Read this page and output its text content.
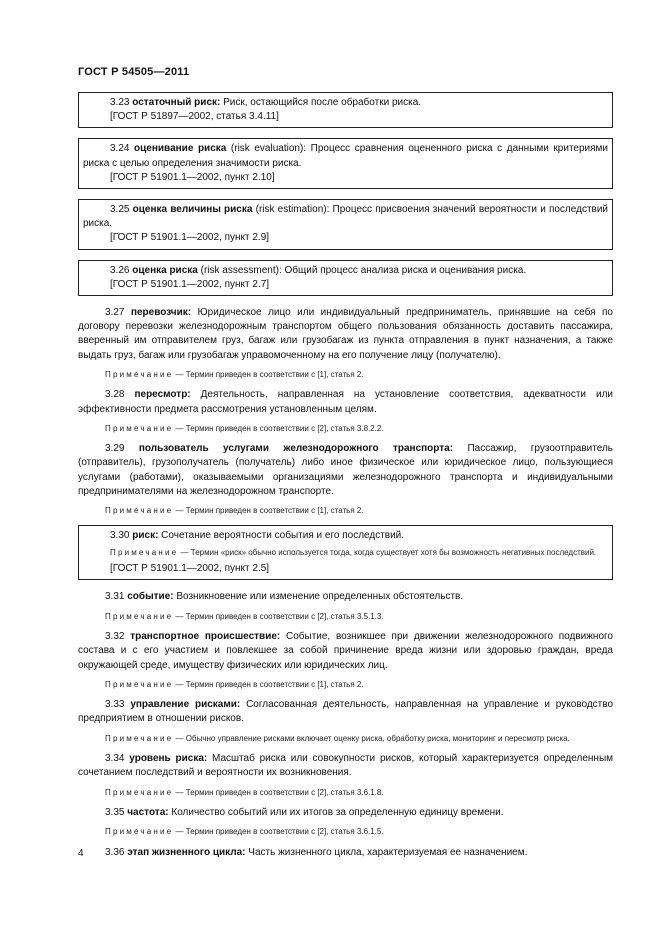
ГОСТ Р 54505—2011

3.23 остаточный риск: Риск, остающийся после обработки риска.

[ГОСТ Р 51897—2002, статья 3.4.11]

3.24 оценивание риска (risk evaluation): Процесс сравнения оцененного риска с данными критериями риска с целью определения значимости риска.

[ГОСТ Р 51901.1—2002, пункт 2.10]

3.25 оценка величины риска (risk estimation): Процесс присвоения значений вероятности и последствий риска.

[ГОСТ Р 51901.1—2002, пункт 2.9]

3.26 оценка риска (risk assessment): Общий процесс анализа риска и оценивания риска.

[ГОСТ Р 51901.1—2002, пункт 2.7]

3.27 перевозчик: Юридическое лицо или индивидуальный предприниматель, принявшие на себя по договору перевозки железнодорожным транспортом общего пользования обязанность доставить пассажира, вверенный им отправителем груз, багаж или грузобагаж из пункта отправления в пункт назначения, а также выдать груз, багаж или грузобагаж управомоченному на его получение лицу (получателю).

Примечание — Термин приведен в соответствии с [1], статья 2.

3.28 пересмотр: Деятельность, направленная на установление соответствия, адекватности или эффективности предмета рассмотрения установленным целям.

Примечание — Термин приведен в соответствии с [2], статья 3.8.2.2.

3.29 пользователь услугами железнодорожного транспорта: Пассажир, грузоотправитель (отправитель), грузополучатель (получатель) либо иное физическое или юридическое лицо, пользующиеся услугами (работами), оказываемыми организациями железнодорожного транспорта и индивидуальными предпринимателями на железнодорожном транспорте.

Примечание — Термин приведен в соответствии с [1], статья 2.

3.30 риск: Сочетание вероятности события и его последствий.

Примечание — Термин «риск» обычно используется тогда, когда существует хотя бы возможность негативных последствий.

[ГОСТ Р 51901.1—2002, пункт 2.5]

3.31 событие: Возникновение или изменение определенных обстоятельств.

Примечание — Термин приведен в соответствии с [2], статья 3.5.1.3.

3.32 транспортное происшествие: Событие, возникшее при движении железнодорожного подвижного состава и с его участием и повлекшее за собой причинение вреда жизни или здоровью граждан, вреда окружающей среде, имуществу физических или юридических лиц.

Примечание — Термин приведен в соответствии с [1], статья 2.

3.33 управление рисками: Согласованная деятельность, направленная на управление и руководство предприятием в отношении рисков.

Примечание — Обычно управление рисками включает оценку риска, обработку риска, мониторинг и пересмотр риска.

3.34 уровень риска: Масштаб риска или совокупности рисков, который характеризуется определенным сочетанием последствий и вероятности их возникновения.

Примечание — Термин приведен в соответствии с [2], статья 3.6.1.8.

3.35 частота: Количество событий или их итогов за определенную единицу времени.

Примечание — Термин приведен в соответствии с [2], статья 3.6.1.5.

3.36 этап жизненного цикла: Часть жизненного цикла, характеризуемая ее назначением.

4
